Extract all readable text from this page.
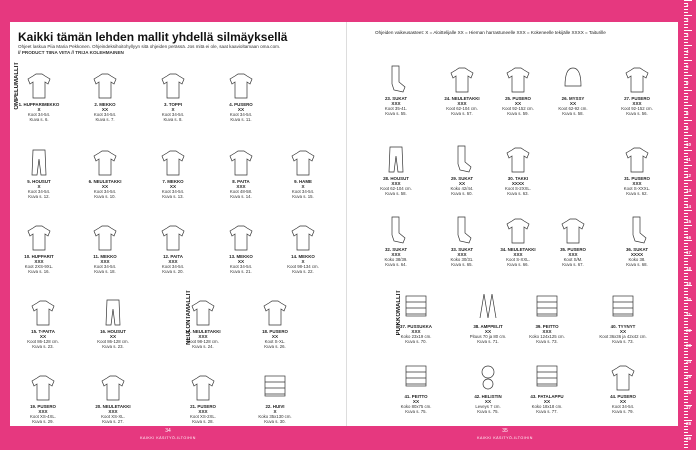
Kaikki tämän lehden mallit yhdellä silmäyksellä
Ohjeet laskua Piia Maria Pekkonen. Ohjeindeksihoitohyllyyn sitä ohjeiden perässä. Jos mitä ei ole, saat kaavioltamaan oma.com.
// PRODUCT TIINA VIITA // TRIJA KOLEHMAINEN
Ohjeiden vaikeusasteet: X = Aloittelijalle XX = Hieman harrastuneelle XXX = Kokeneelle tekijälle XXXX = Taiturille
OMPELUMALLIT
NEULONTAMALLIT	PUIKKOMALLIT
1. HUPPARIMEKKO
X
Koot 34-54.
Kuva s. 6.
2. MEKKO
XX
Koot 34-54.
Kuva s. 7.
3. TOPPI
X
Koot 34-54.
Kuva s. 8.
4. PUSERO
XX
Koot 34-54.
Kuva s. 11.
5. HOUSUT
X
Koot 34-54.
Kuva s. 12.
6. NEULETAKKI
XX
Koot 34-54.
Kuva s. 10.
7. MEKKO
XX
Koot 34-54.
Kuva s. 13.
8. PAITA
XXX
Koot 48-58.
Kuva s. 14.
9. HAME
X
Koot 34-54.
Kuva s. 15.
10. HUPPARIT
XXX
Koot 2XS-9XL.
Kuva s. 16.
11. MEKKO
XXX
Koot 34-54.
Kuva s. 18.
12. PAITA
XXX
Koot 34-54.
Kuva s. 20.
13. MEKKO
XX
Koot 34-54.
Kuva s. 21.
14. MEKKO
X
Koot 98-134 cm.
Kuva s. 22.
15. T-PAITA
XX
Koot 86-128 cm.
Kuva s. 23.
16. HOUSUT
XX
Koot 86-128 cm.
Kuva s. 23.
17. NEULETAKKI
XXX
Koot 98-128 cm.
Kuva s. 24.
18. PUSERO
XX
Koot S-XL.
Kuva s. 26.
19. PUSERO
XXX
Koot XS-4XL.
Kuva s. 29.
20. NEULETAKKI
XXX
Koot XS-XL.
Kuva s. 27.
21. PUSERO
XXX
Koot XS-2XL.
Kuva s. 28.
22. HUIVI
X
Koko 35x130 cm.
Kuva s. 30.
23. SUKAT
XXX
Koot 35-41.
Kuva s. 55.
24. NEULETAKKI
XXX
Koot 62-104 cm.
Kuva s. 57.
25. PUSERO
XX
Koot 92-152 cm.
Kuva s. 59.
26. MYSSY
XX
Koot 62-92 cm.
Kuva s. 58.
27. PUSERO
XXX
Koot 92-152 cm.
Kuva s. 56.
28. HOUSUT
XXX
Koot 62-104 cm.
Kuva s. 58.
29. SUKAT
XX
Koko 42/44.
Kuva s. 60.
30. TAKKI
XXXX
Koot S-2XXL.
Kuva s. 63.
31. PUSERO
XXX
Koot S-XXXL.
Kuva s. 62.
32. SUKAT
XXX
Koko 38/39.
Kuva s. 64.
33. SUKAT
XXX
Koko 30/31.
Kuva s. 65.
34. NEULETAKKI
XXX
Koot S-XXL.
Kuva s. 66.
35. PUSERO
XXX
Koot S/M.
Kuva s. 67.
36. SUKAT
XXXX
Koko 38.
Kuva s. 68.
37. PUSSUKKA
XXX
Koko 23x19 cm.
Kuva s. 70.
38. AMPPELIT
XX
Pituus 70 ja 80 cm.
Kuva s. 71.
39. PEITTO
XXX
Koko 124x125 cm.
Kuva s. 73.
40. TYYNYT
XX
Koot 36x36 ja 42x42 cm.
Kuva s. 73.
41. PEITTO
XX
Koko 80x75 cm.
Kuva s. 75.
42. HELISTIN
XX
Leveys 7 cm.
Kuva s. 75.
43. PATALAPPU
XX
Koko 18x18 cm.
Kuva s. 77.
44. PUSERO
XX
Koot 34-54.
Kuva s. 79.
34
KAIKKI KÄSITYÖ-ILTOIHIN
35
KAIKKI KÄSITYÖ-ILTOIHIN
1
2
3
4
5
6
7
8
9
10
11
12
13
14
15
16
17
18
19
20
21
22
23
24
25
26
27
28
29
